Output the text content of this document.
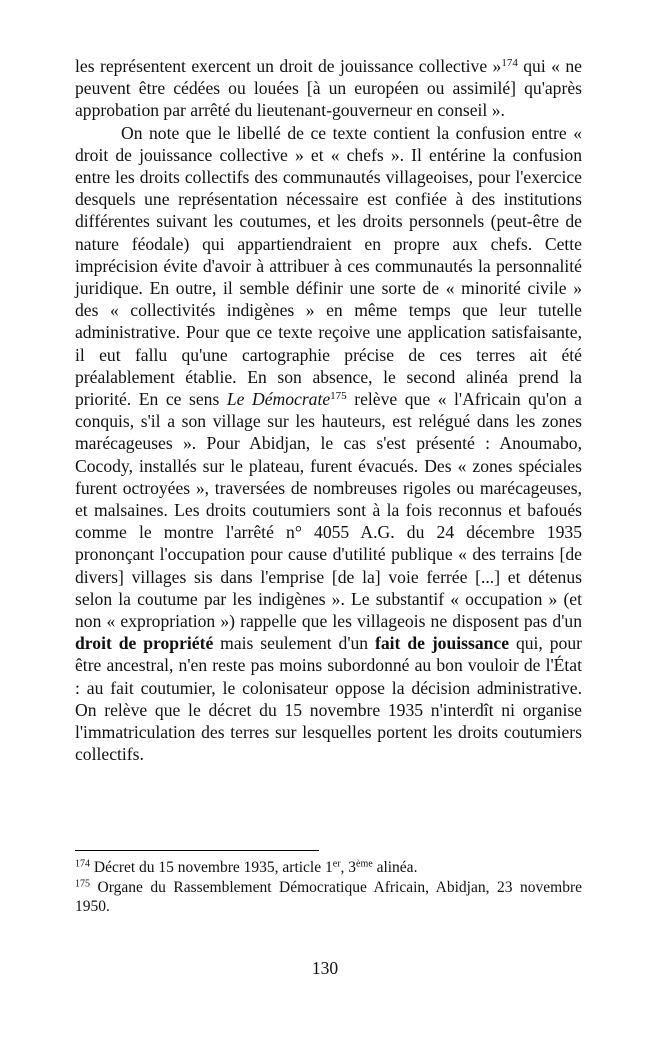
les représentent exercent un droit de jouissance collective »$^{174}$ qui « ne peuvent être cédées ou louées [à un européen ou assimilé] qu'après approbation par arrêté du lieutenant-gouverneur en conseil ».

On note que le libellé de ce texte contient la confusion entre « droit de jouissance collective » et « chefs ». Il entérine la confusion entre les droits collectifs des communautés villageoises, pour l'exercice desquels une représentation nécessaire est confiée à des institutions différentes suivant les coutumes, et les droits personnels (peut-être de nature féodale) qui appartiendraient en propre aux chefs. Cette imprécision évite d'avoir à attribuer à ces communautés la personnalité juridique. En outre, il semble définir une sorte de « minorité civile » des « collectivités indigènes » en même temps que leur tutelle administrative. Pour que ce texte reçoive une application satisfaisante, il eut fallu qu'une cartographie précise de ces terres ait été préalablement établie. En son absence, le second alinéa prend la priorité. En ce sens Le Démocrate$^{175}$ relève que « l'Africain qu'on a conquis, s'il a son village sur les hauteurs, est relégué dans les zones marécageuses ». Pour Abidjan, le cas s'est présenté : Anoumabo, Cocody, installés sur le plateau, furent évacués. Des « zones spéciales furent octroyées », traversées de nombreuses rigoles ou marécageuses, et malsaines. Les droits coutumiers sont à la fois reconnus et bafoués comme le montre l'arrêté n° 4055 A.G. du 24 décembre 1935 prononçant l'occupation pour cause d'utilité publique « des terrains [de divers] villages sis dans l'emprise [de la] voie ferrée [...] et détenus selon la coutume par les indigènes ». Le substantif « occupation » (et non « expropriation ») rappelle que les villageois ne disposent pas d'un droit de propriété mais seulement d'un fait de jouissance qui, pour être ancestral, n'en reste pas moins subordonné au bon vouloir de l'État : au fait coutumier, le colonisateur oppose la décision administrative. On relève que le décret du 15 novembre 1935 n'interdît ni organise l'immatriculation des terres sur lesquelles portent les droits coutumiers collectifs.

$^{174}$ Décret du 15 novembre 1935, article 1er, 3ème alinéa.

$^{175}$ Organe du Rassemblement Démocratique Africain, Abidjan, 23 novembre 1950.

130
